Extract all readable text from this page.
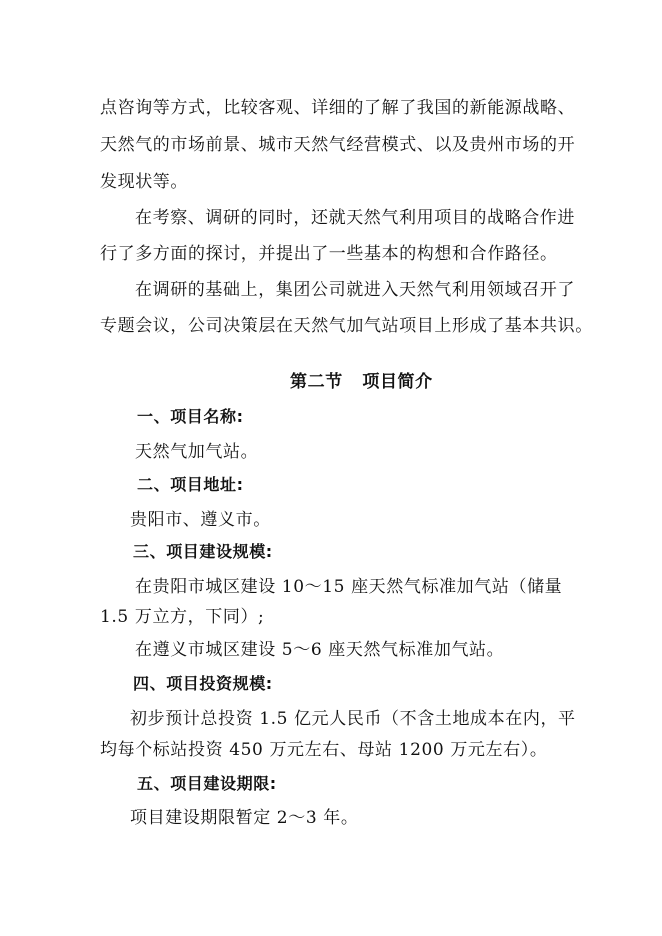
点咨询等方式，比较客观、详细的了解了我国的新能源战略、
天然气的市场前景、城市天然气经营模式、以及贵州市场的开
发现状等。
在考察、调研的同时，还就天然气利用项目的战略合作进
行了多方面的探讨，并提出了一些基本的构想和合作路径。
在调研的基础上，集团公司就进入天然气利用领域召开了
专题会议，公司决策层在天然气加气站项目上形成了基本共识。
第二节   项目简介
一、项目名称:
天然气加气站。
二、项目地址:
贵阳市、遵义市。
三、项目建设规模:
在贵阳市城区建设 10～15 座天然气标准加气站（储量
1.5 万立方，下同）;
在遵义市城区建设 5～6 座天然气标准加气站。
四、项目投资规模:
初步预计总投资 1.5 亿元人民币（不含土地成本在内，平
均每个标站投资 450 万元左右、母站 1200 万元左右）。
五、项目建设期限:
项目建设期限暂定 2～3 年。
